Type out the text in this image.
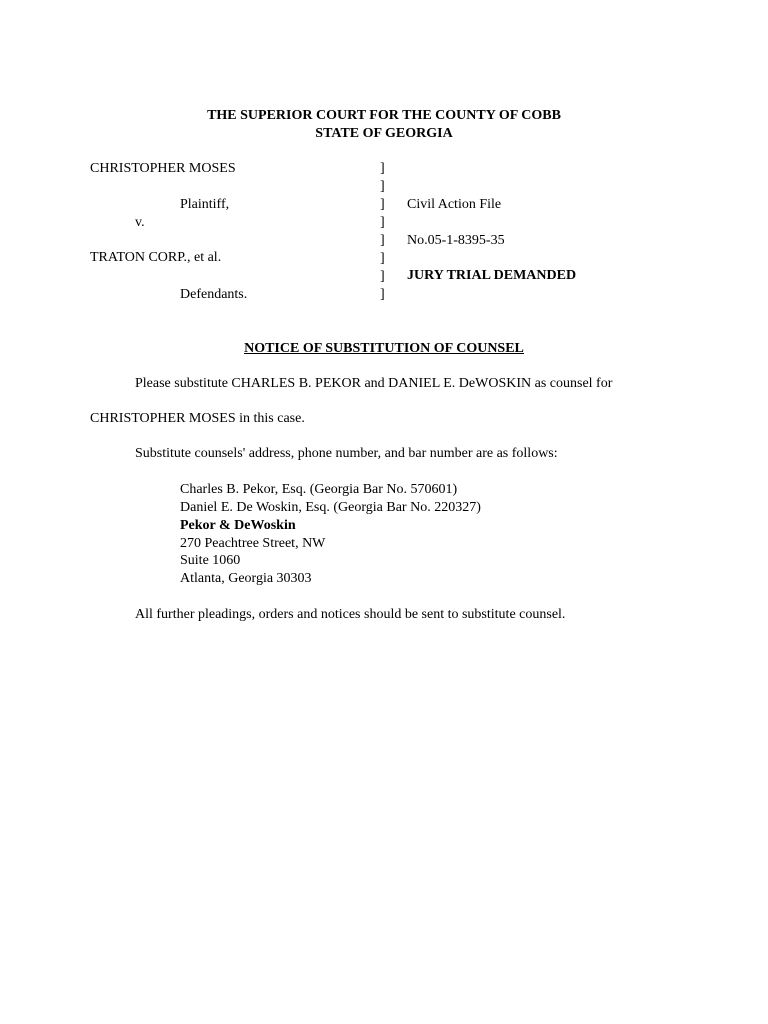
THE SUPERIOR COURT FOR THE COUNTY OF COBB
STATE OF GEORGIA
CHRISTOPHER MOSES
Plaintiff,
v.
TRATON CORP., et al.
Defendants.
]
]
]
]
]
]
]
]
Civil Action File
No.05-1-8395-35
JURY TRIAL DEMANDED
NOTICE OF SUBSTITUTION OF COUNSEL
Please substitute CHARLES B. PEKOR and DANIEL E. DeWOSKIN as counsel for
CHRISTOPHER MOSES in this case.
Substitute counsels' address, phone number, and bar number are as follows:
Charles B. Pekor, Esq. (Georgia Bar No. 570601)
Daniel E. De Woskin, Esq. (Georgia Bar No. 220327)
Pekor & DeWoskin
270 Peachtree Street, NW
Suite 1060
Atlanta, Georgia 30303
All further pleadings, orders and notices should be sent to substitute counsel.
